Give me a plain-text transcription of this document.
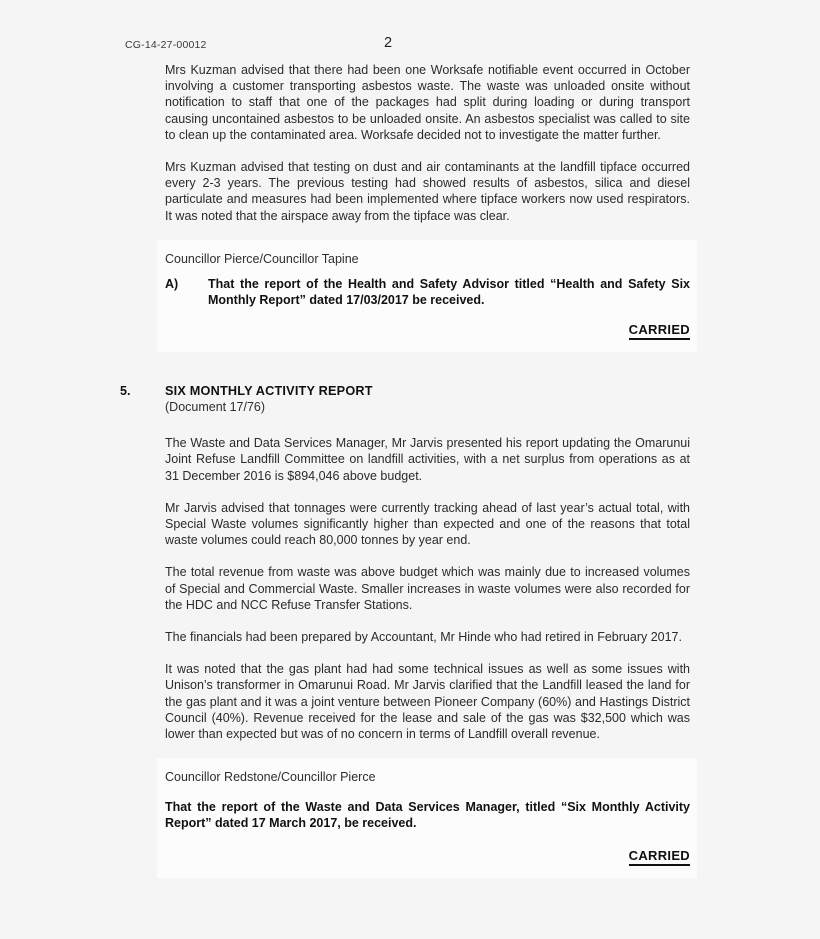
CG-14-27-00012	2

Mrs Kuzman advised that there had been one Worksafe notifiable event occurred in October involving a customer transporting asbestos waste. The waste was unloaded onsite without notification to staff that one of the packages had split during loading or during transport causing uncontained asbestos to be unloaded onsite. An asbestos specialist was called to site to clean up the contaminated area. Worksafe decided not to investigate the matter further.

Mrs Kuzman advised that testing on dust and air contaminants at the landfill tipface occurred every 2-3 years. The previous testing had showed results of asbestos, silica and diesel particulate and measures had been implemented where tipface workers now used respirators. It was noted that the airspace away from the tipface was clear.

Councillor Pierce/Councillor Tapine

A) That the report of the Health and Safety Advisor titled “Health and Safety Six Monthly Report” dated 17/03/2017 be received.

CARRIED
5.	SIX MONTHLY ACTIVITY REPORT

(Document 17/76)

The Waste and Data Services Manager, Mr Jarvis presented his report updating the Omarunui Joint Refuse Landfill Committee on landfill activities, with a net surplus from operations as at 31 December 2016 is $894,046 above budget.

Mr Jarvis advised that tonnages were currently tracking ahead of last year’s actual total, with Special Waste volumes significantly higher than expected and one of the reasons that total waste volumes could reach 80,000 tonnes by year end.

The total revenue from waste was above budget which was mainly due to increased volumes of Special and Commercial Waste. Smaller increases in waste volumes were also recorded for the HDC and NCC Refuse Transfer Stations.

The financials had been prepared by Accountant, Mr Hinde who had retired in February 2017.

It was noted that the gas plant had had some technical issues as well as some issues with Unison’s transformer in Omarunui Road. Mr Jarvis clarified that the Landfill leased the land for the gas plant and it was a joint venture between Pioneer Company (60%) and Hastings District Council (40%). Revenue received for the lease and sale of the gas was $32,500 which was lower than expected but was of no concern in terms of Landfill overall revenue.

Councillor Redstone/Councillor Pierce

That the report of the Waste and Data Services Manager, titled “Six Monthly Activity Report” dated 17 March 2017, be received.

CARRIED
